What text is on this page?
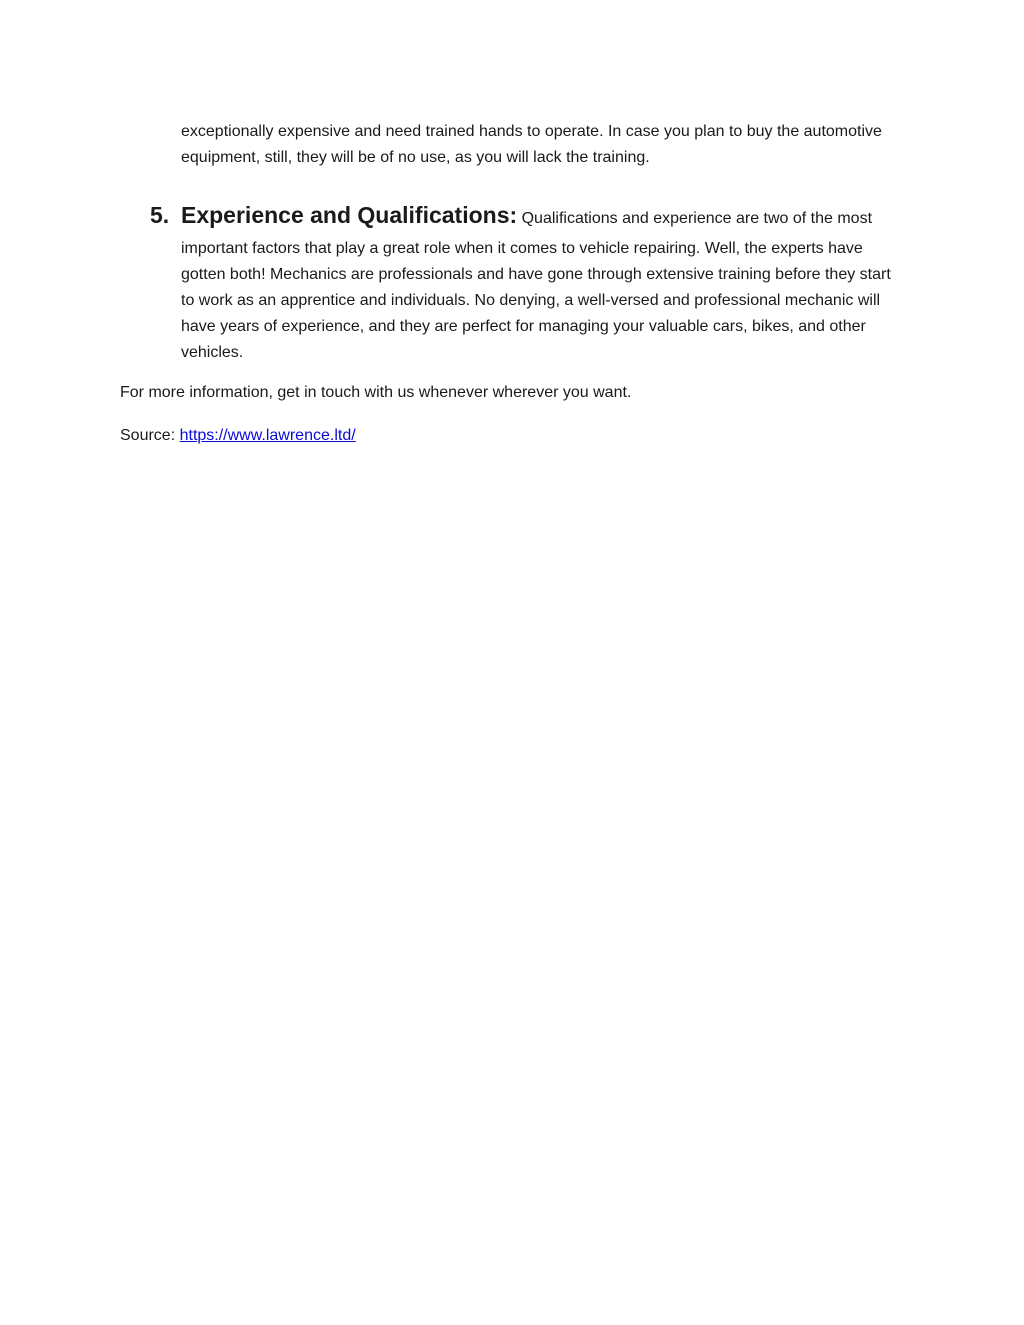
exceptionally expensive and need trained hands to operate. In case you plan to buy the automotive equipment, still, they will be of no use, as you will lack the training.

5. Experience and Qualifications: Qualifications and experience are two of the most
important factors that play a great role when it comes to vehicle repairing. Well, the experts have gotten both! Mechanics are professionals and have gone through extensive training before they start to work as an apprentice and individuals. No denying, a well-versed and professional mechanic will have years of experience, and they are perfect for managing your valuable cars, bikes, and other vehicles.

For more information, get in touch with us whenever wherever you want.

Source: https://www.lawrence.ltd/
